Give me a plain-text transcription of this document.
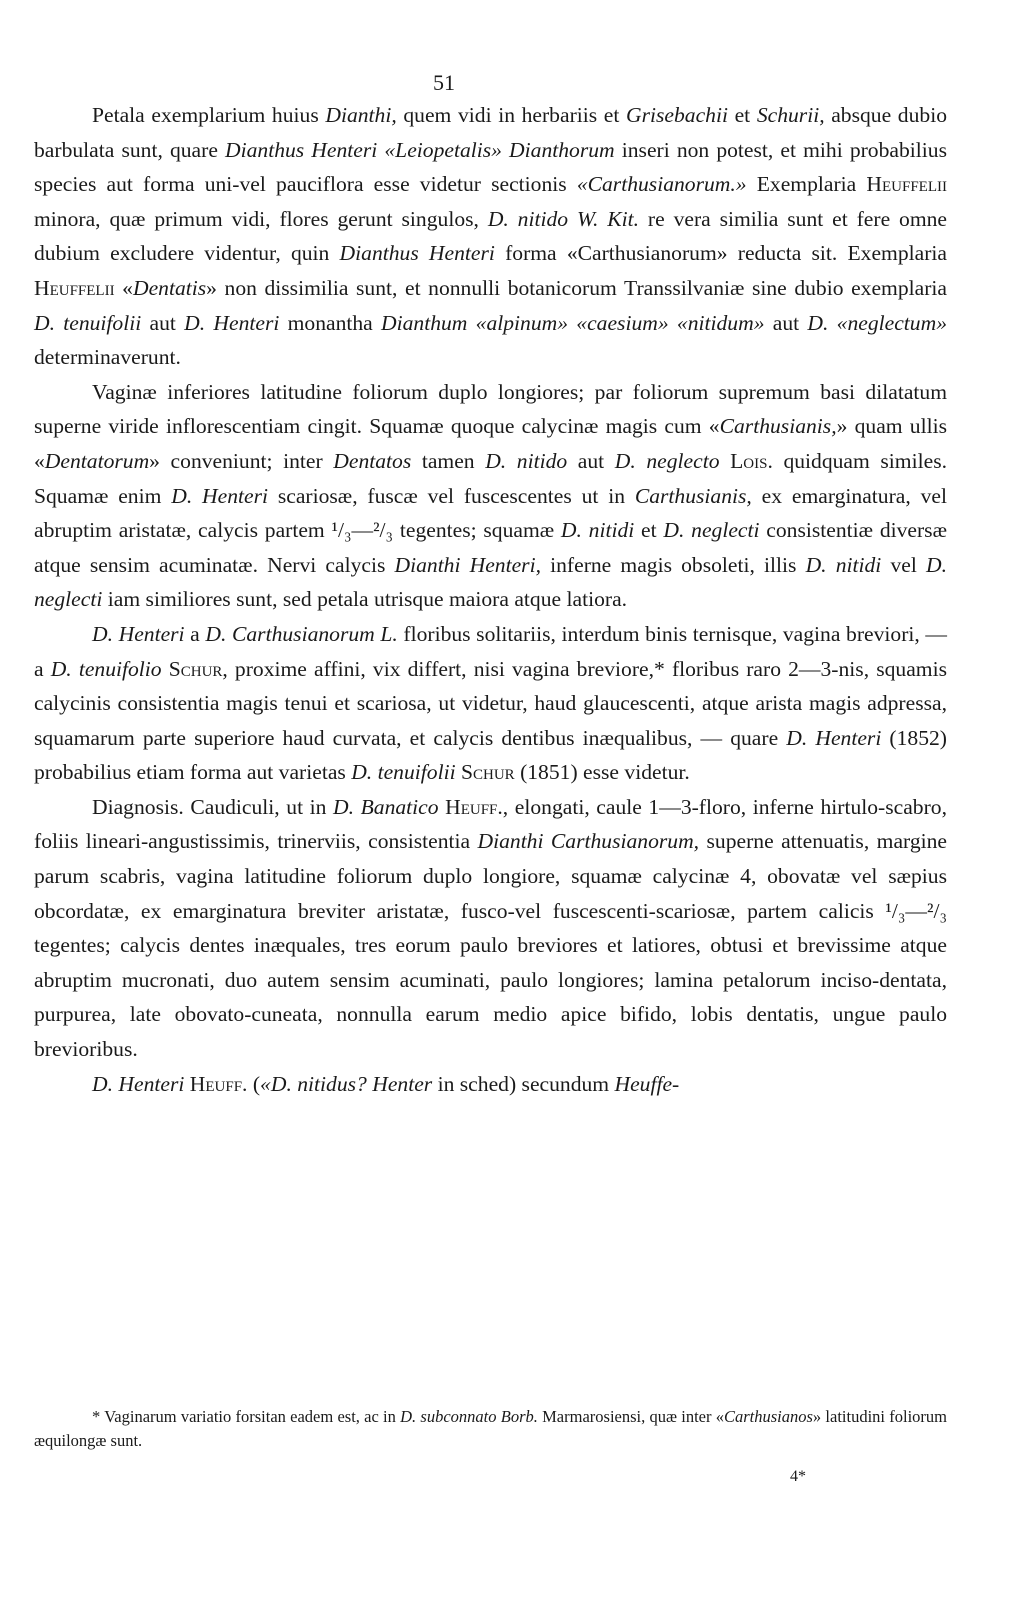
51

Petala exemplarium huius Dianthi, quem vidi in herbariis et Grisebachii et Schurii, absque dubio barbulata sunt, quare Dianthus Henteri «Leiopetalis» Dianthorum inseri non potest, et mihi probabilius species aut forma uni-vel pauciflora esse videtur sectionis «Carthusianorum.» Exemplaria Heuffelii minora, quæ primum vidi, flores gerunt singulos, D. nitido W. Kit. re vera similia sunt et fere omne dubium excludere videntur, quin Dianthus Henteri forma «Carthusianorum» reducta sit. Exemplaria Heuffelii «Dentatis» non dissimilia sunt, et nonnulli botanicorum Transsilvaniæ sine dubio exemplaria D. tenuifolii aut D. Henteri monantha Dianthum «alpinum» «caesium» «nitidum» aut D. «neglectum» determinaverunt.

Vaginæ inferiores latitudine foliorum duplo longiores; par foliorum supremum basi dilatatum superne viride inflorescentiam cingit. Squamæ quoque calycinæ magis cum «Carthusianis,» quam ullis «Dentatorum» conveniunt; inter Dentatos tamen D. nitido aut D. neglecto Lois. quidquam similes. Squamæ enim D. Henteri scariosæ, fuscæ vel fuscescentes ut in Carthusianis, ex emarginatura, vel abruptim aristatæ, calycis partem ¹/₃—²/₃ tegentes; squamæ D. nitidi et D. neglecti consistentiæ diversæ atque sensim acuminatæ. Nervi calycis Dianthi Henteri, inferne magis obsoleti, illis D. nitidi vel D. neglecti iam similiores sunt, sed petala utrisque maiora atque latiora.

D. Henteri a D. Carthusianorum L. floribus solitariis, interdum binis ternisque, vagina breviori, — a D. tenuifolio Schur, proxime affini, vix differt, nisi vagina breviore,* floribus raro 2—3-nis, squamis calycinis consistentia magis tenui et scariosa, ut videtur, haud glaucescenti, atque arista magis adpressa, squamarum parte superiore haud curvata, et calycis dentibus inæqualibus, — quare D. Henteri (1852) probabilius etiam forma aut varietas D. tenuifolii Schur (1851) esse videtur.

Diagnosis. Caudiculi, ut in D. Banatico Heuff., elongati, caule 1—3-floro, inferne hirtulo-scabro, foliis lineari-angustissimis, trinerviis, consistentia Dianthi Carthusianorum, superne attenuatis, margine parum scabris, vagina latitudine foliorum duplo longiore, squamæ calycinæ 4, obovatæ vel sæpius obcordatæ, ex emarginatura breviter aristatæ, fusco-vel fuscescenti-scariosæ, partem calicis ¹/₃—²/₃ tegentes; calycis dentes inæquales, tres eorum paulo breviores et latiores, obtusi et brevissime atque abruptim mucronati, duo autem sensim acuminati, paulo longiores; lamina petalorum inciso-dentata, purpurea, late obovato-cuneata, nonnulla earum medio apice bifido, lobis dentatis, ungue paulo brevioribus.

D. Henteri Heuff. («D. nitidus? Henter in sched) secundum Heuffe-

* Vaginarum variatio forsitan eadem est, ac in D. subconnato Borb. Marmarosiensi, quæ inter «Carthusianos» latitudini foliorum æquilongæ sunt.

4*
